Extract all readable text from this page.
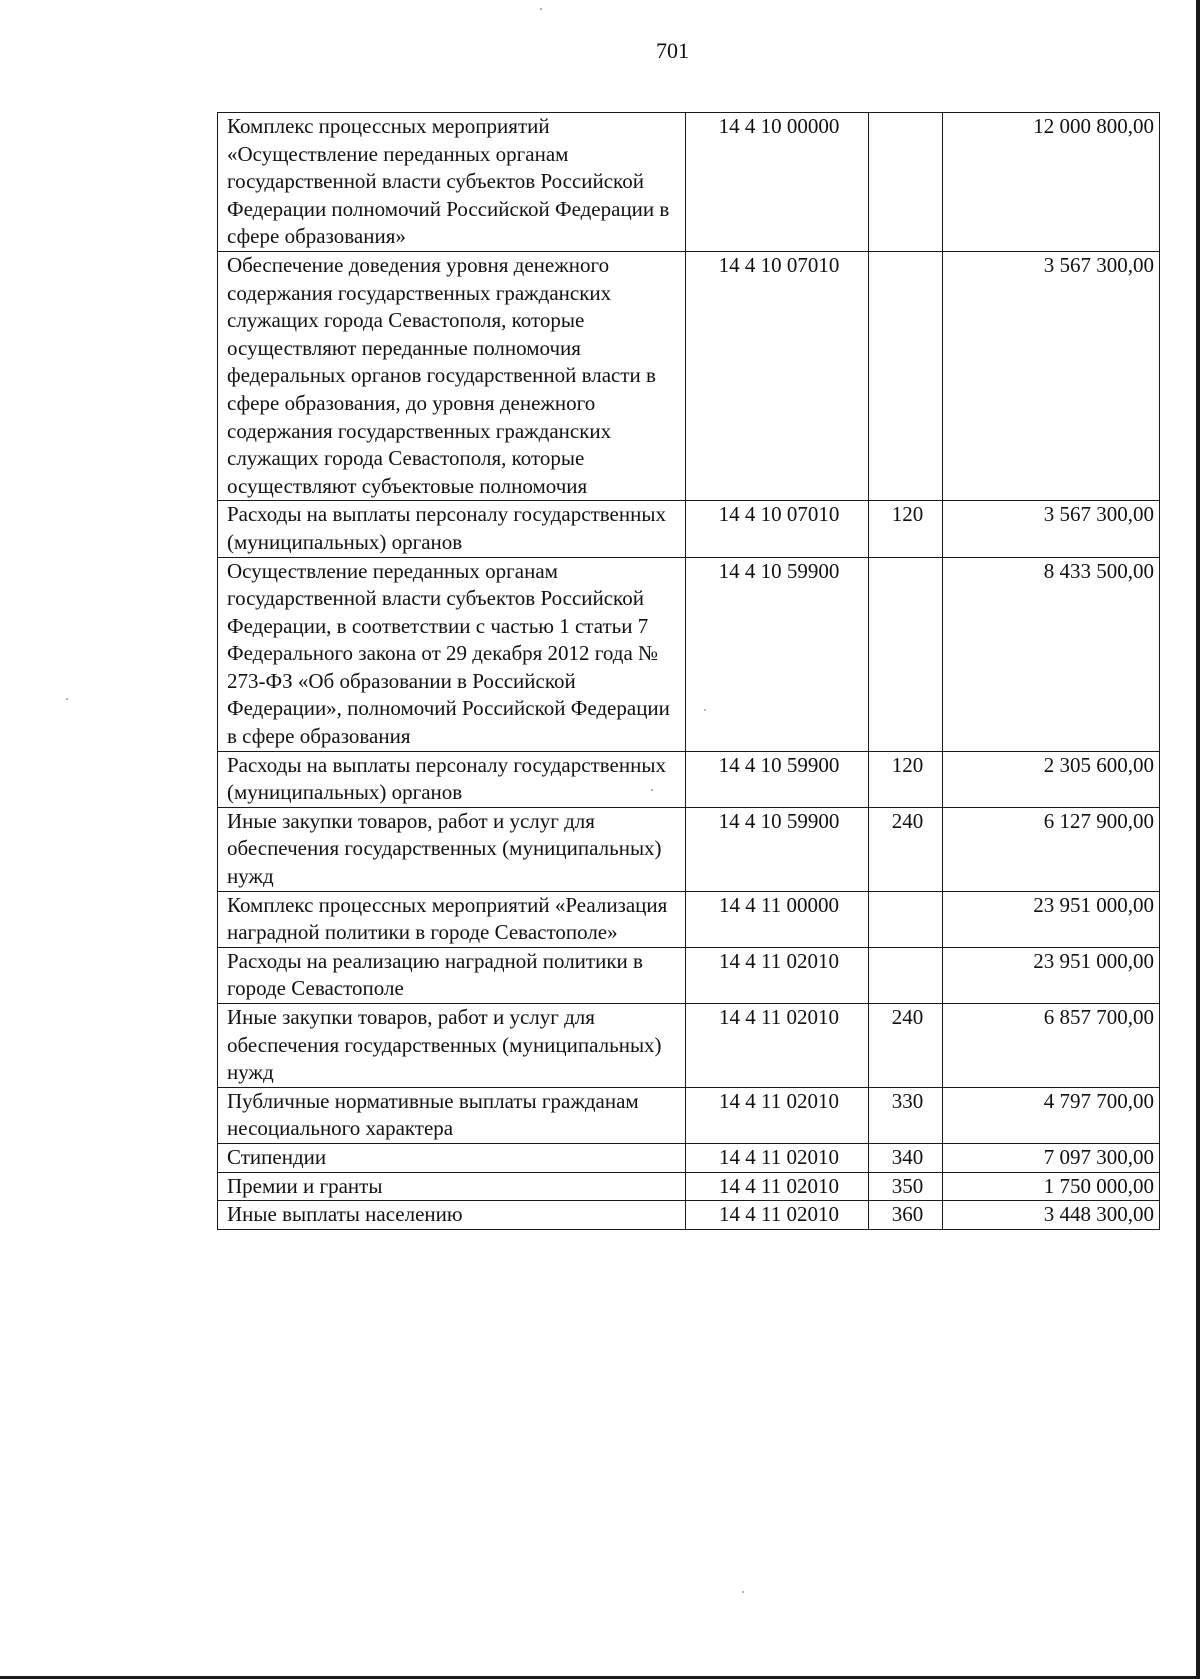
701
Комплекс процессных мероприятий «Осуществление переданных органам государственной власти субъектов Российской Федерации полномочий Российской Федерации в сфере образования»	14 4 10 00000		12 000 800,00
Обеспечение доведения уровня денежного содержания государственных гражданских служащих города Севастополя, которые осуществляют переданные полномочия федеральных органов государственной власти в сфере образования, до уровня денежного содержания государственных гражданских служащих города Севастополя, которые осуществляют субъектовые полномочия	14 4 10 07010		3 567 300,00
Расходы на выплаты персоналу государственных (муниципальных) органов	14 4 10 07010	120	3 567 300,00
Осуществление переданных органам государственной власти субъектов Российской Федерации, в соответствии с частью 1 статьи 7 Федерального закона от 29 декабря 2012 года № 273-ФЗ «Об образовании в Российской Федерации», полномочий Российской Федерации в сфере образования	14 4 10 59900		8 433 500,00
Расходы на выплаты персоналу государственных (муниципальных) органов	14 4 10 59900	120	2 305 600,00
Иные закупки товаров, работ и услуг для обеспечения государственных (муниципальных) нужд	14 4 10 59900	240	6 127 900,00
Комплекс процессных мероприятий «Реализация наградной политики в городе Севастополе»	14 4 11 00000		23 951 000,00
Расходы на реализацию наградной политики в городе Севастополе	14 4 11 02010		23 951 000,00
Иные закупки товаров, работ и услуг для обеспечения государственных (муниципальных) нужд	14 4 11 02010	240	6 857 700,00
Публичные нормативные выплаты гражданам несоциального характера	14 4 11 02010	330	4 797 700,00
Стипендии	14 4 11 02010	340	7 097 300,00
Премии и гранты	14 4 11 02010	350	1 750 000,00
Иные выплаты населению	14 4 11 02010	360	3 448 300,00
